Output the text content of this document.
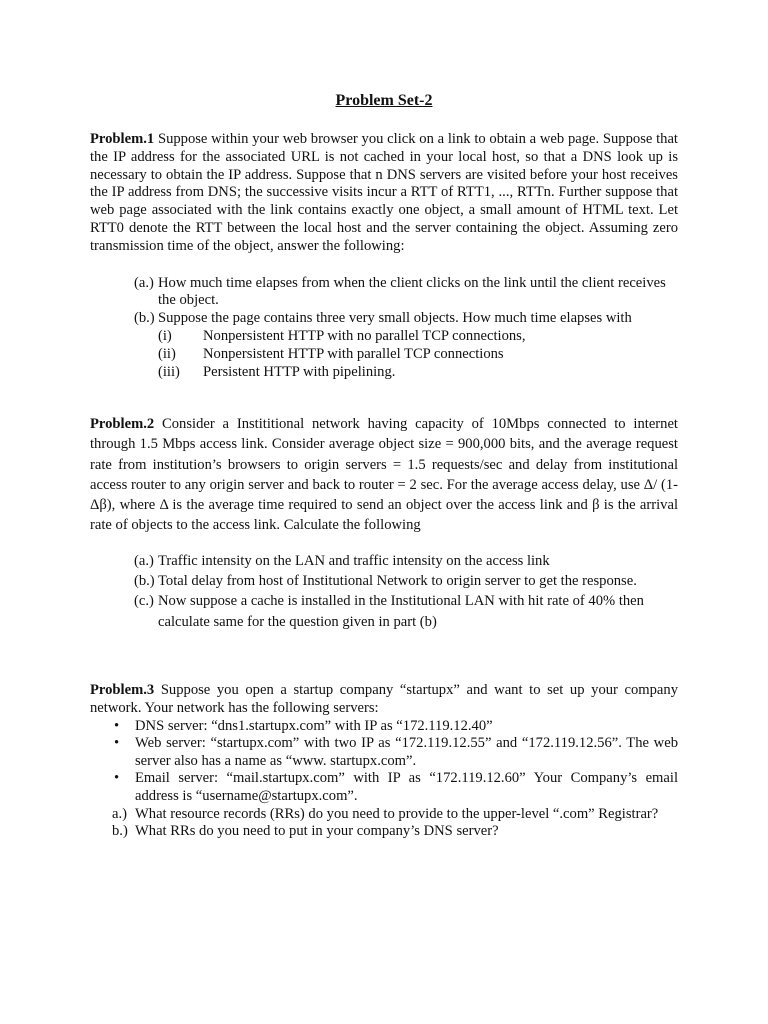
Problem Set-2
Problem.1 Suppose within your web browser you click on a link to obtain a web page. Suppose that the IP address for the associated URL is not cached in your local host, so that a DNS look up is necessary to obtain the IP address. Suppose that n DNS servers are visited before your host receives the IP address from DNS; the successive visits incur a RTT of RTT1, ..., RTTn. Further suppose that web page associated with the link contains exactly one object, a small amount of HTML text. Let RTT0 denote the RTT between the local host and the server containing the object. Assuming zero transmission time of the object, answer the following:
(a.) How much time elapses from when the client clicks on the link until the client receives the object.
(b.) Suppose the page contains three very small objects. How much time elapses with
(i) Nonpersistent HTTP with no parallel TCP connections,
(ii) Nonpersistent HTTP with parallel TCP connections
(iii) Persistent HTTP with pipelining.
Problem.2 Consider a Instititional network having capacity of 10Mbps connected to internet through 1.5 Mbps access link. Consider average object size = 900,000 bits, and the average request rate from institution’s browsers to origin servers = 1.5 requests/sec and delay from institutional access router to any origin server and back to router = 2 sec. For the average access delay, use Δ/ (1-Δβ), where Δ is the average time required to send an object over the access link and β is the arrival rate of objects to the access link. Calculate the following
(a.) Traffic intensity on the LAN and traffic intensity on the access link
(b.) Total delay from host of Institutional Network to origin server to get the response.
(c.) Now suppose a cache is installed in the Institutional LAN with hit rate of 40% then calculate same for the question given in part (b)
Problem.3 Suppose you open a startup company “startupx” and want to set up your company network. Your network has the following servers:
• DNS server: “dns1.startupx.com” with IP as “172.119.12.40”
• Web server: “startupx.com” with two IP as “172.119.12.55” and “172.119.12.56”. The web server also has a name as “www. startupx.com”.
• Email server: “mail.startupx.com” with IP as “172.119.12.60” Your Company’s email address is “username@startupx.com”.
a.) What resource records (RRs) do you need to provide to the upper-level “.com” Registrar?
b.) What RRs do you need to put in your company’s DNS server?
